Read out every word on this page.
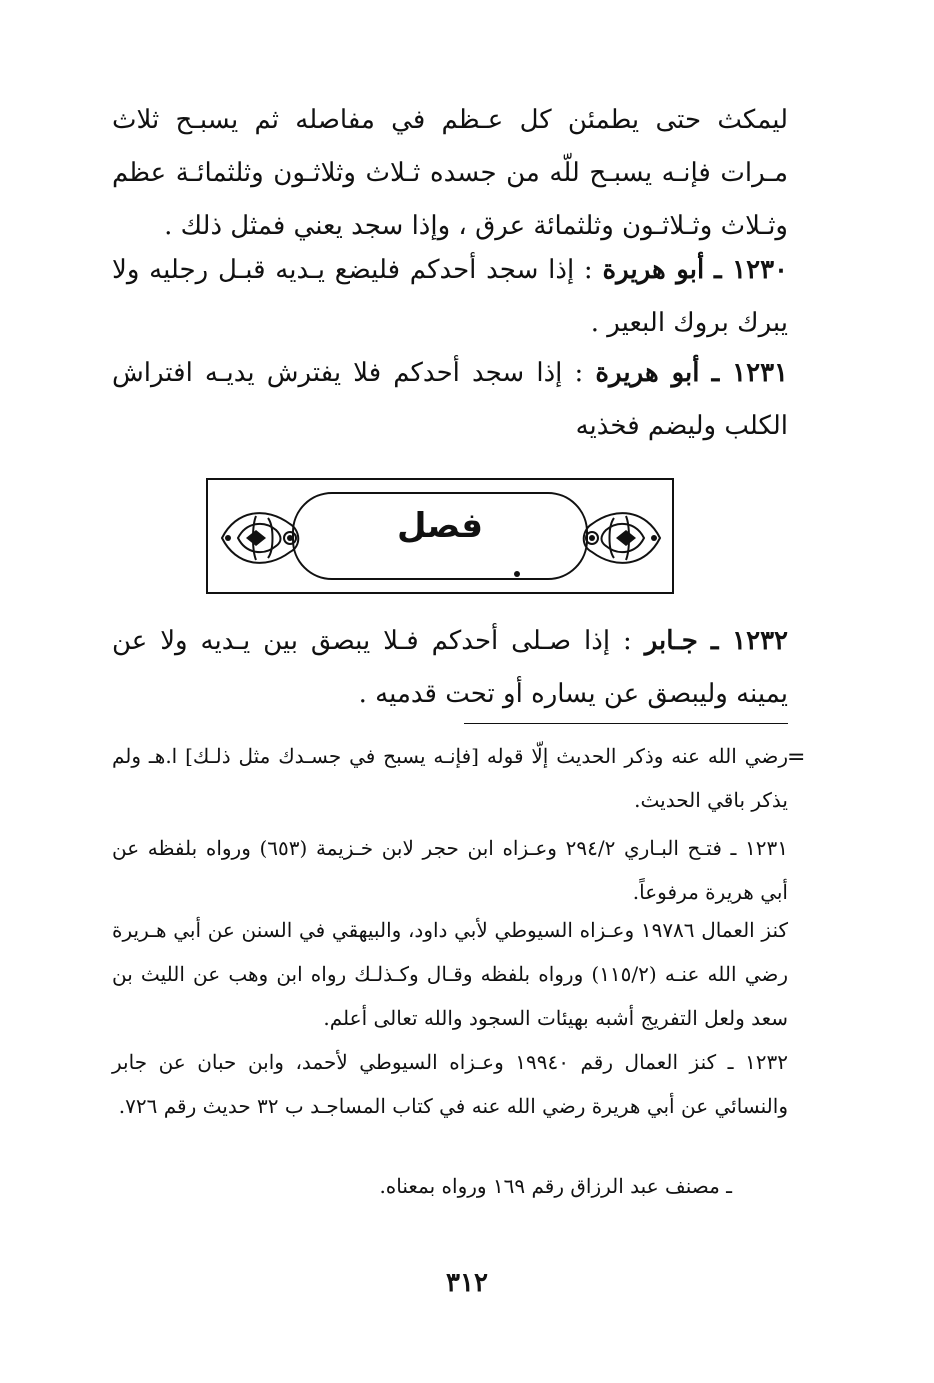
ليمكث حتى يطمئن كل عـظم في مفاصله ثم يسبـح ثلاث مـرات فإنـه يسبـح للّه من جسده ثـلاث وثلاثـون وثلثمائـة عظم وثـلاث وثـلاثـون وثلثمائة عرق ، وإذا سجد يعني فمثل ذلك .

١٢٣٠ ـ أبو هريرة : إذا سجد أحدكم فليضع يـديه قبـل رجليه ولا يبرك بروك البعير .

١٢٣١ ـ أبو هريرة : إذا سجد أحدكم فلا يفترش يديـه افتراش الكلب وليضم فخذيه

فصل

١٢٣٢ ـ جـابر : إذا صـلى أحدكم فـلا يبصق بين يـديه ولا عن يمينه وليبصق عن يساره أو تحت قدميه .

=

رضي الله عنه وذكر الحديث إلّا قوله [فإنـه يسبح في جسـدك مثل ذلـك] ا.هـ ولم يذكر باقي الحديث.

١٢٣١ ـ فتـح البـاري ٢٩٤/٢ وعـزاه ابن حجر لابن خـزيمة (٦٥٣) ورواه بلفظه عن أبي هريرة مرفوعاً.

كنز العمال ١٩٧٨٦ وعـزاه السيوطي لأبي داود، والبيهقي في السنن عن أبي هـريرة رضي الله عنـه (١١٥/٢) ورواه بلفظه وقـال وكـذلـك رواه ابن وهب عن الليث بن سعد ولعل التفريج أشبه بهيئات السجود والله تعالى أعلم.

١٢٣٢ ـ كنز العمال رقم ١٩٩٤٠ وعـزاه السيوطي لأحمد، وابن حبان عن جابر والنسائي عن أبي هريرة رضي الله عنه في كتاب المساجـد ب ٣٢ حديث رقم ٧٢٦.

ـ مصنف عبد الرزاق رقم ١٦٩ ورواه بمعناه.

٣١٢
